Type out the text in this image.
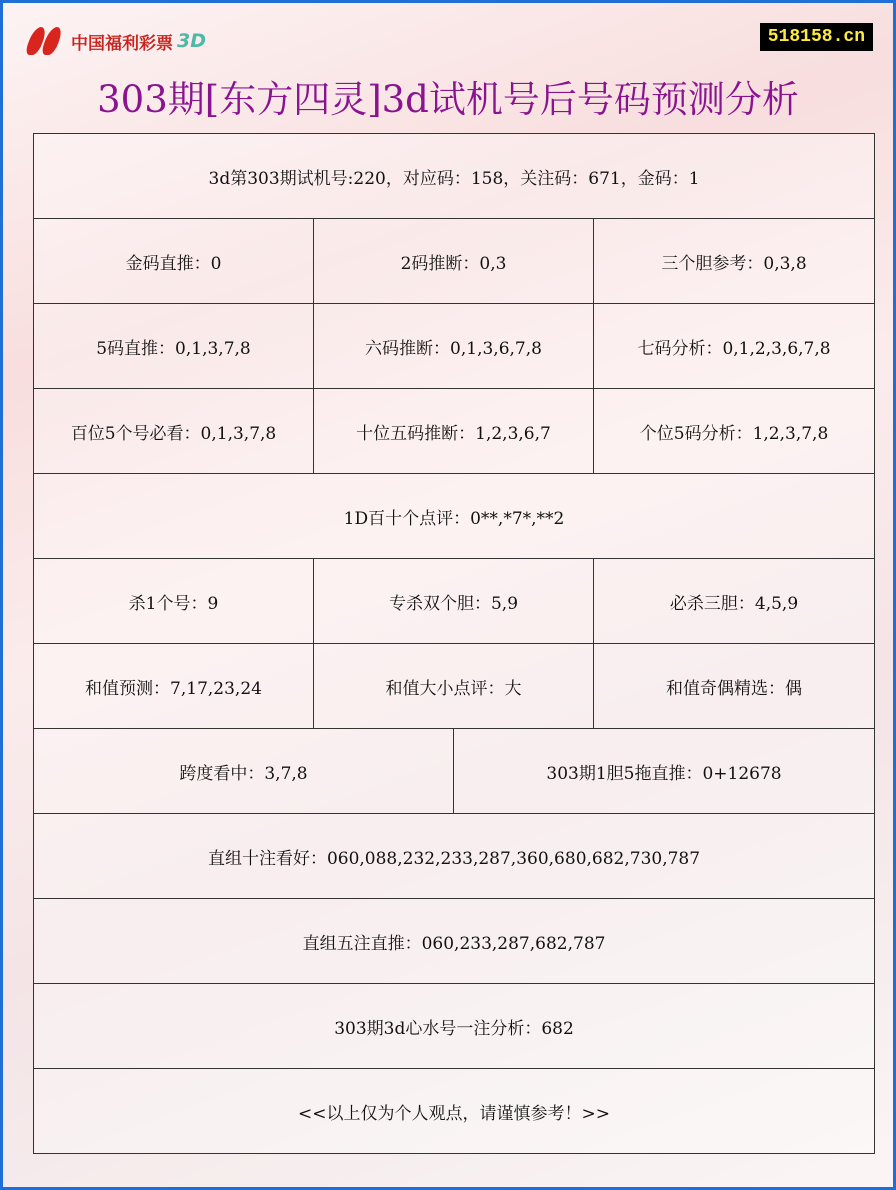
中国福利彩票 3D	518158.cn
303期[东方四灵]3d试机号后号码预测分析
3d第303期试机号:220，对应码：158，关注码：671，金码：1			
金码直推：0	2码推断：0,3		三个胆参考：0,3,8
5码直推：0,1,3,7,8	六码推断：0,1,3,6,7,8		七码分析：0,1,2,3,6,7,8
百位5个号必看：0,1,3,7,8	十位五码推断：1,2,3,6,7		个位5码分析：1,2,3,7,8
1D百十个点评：0**,*7*,**2			
杀1个号：9	专杀双个胆：5,9		必杀三胆：4,5,9
和值预测：7,17,23,24	和值大小点评：大		和值奇偶精选：偶
跨度看中：3,7,8		303期1胆5拖直推：0+12678	
直组十注看好：060,088,232,233,287,360,680,682,730,787			
直组五注直推：060,233,287,682,787			
303期3d心水号一注分析：682			
<<以上仅为个人观点，请谨慎参考！>>			
